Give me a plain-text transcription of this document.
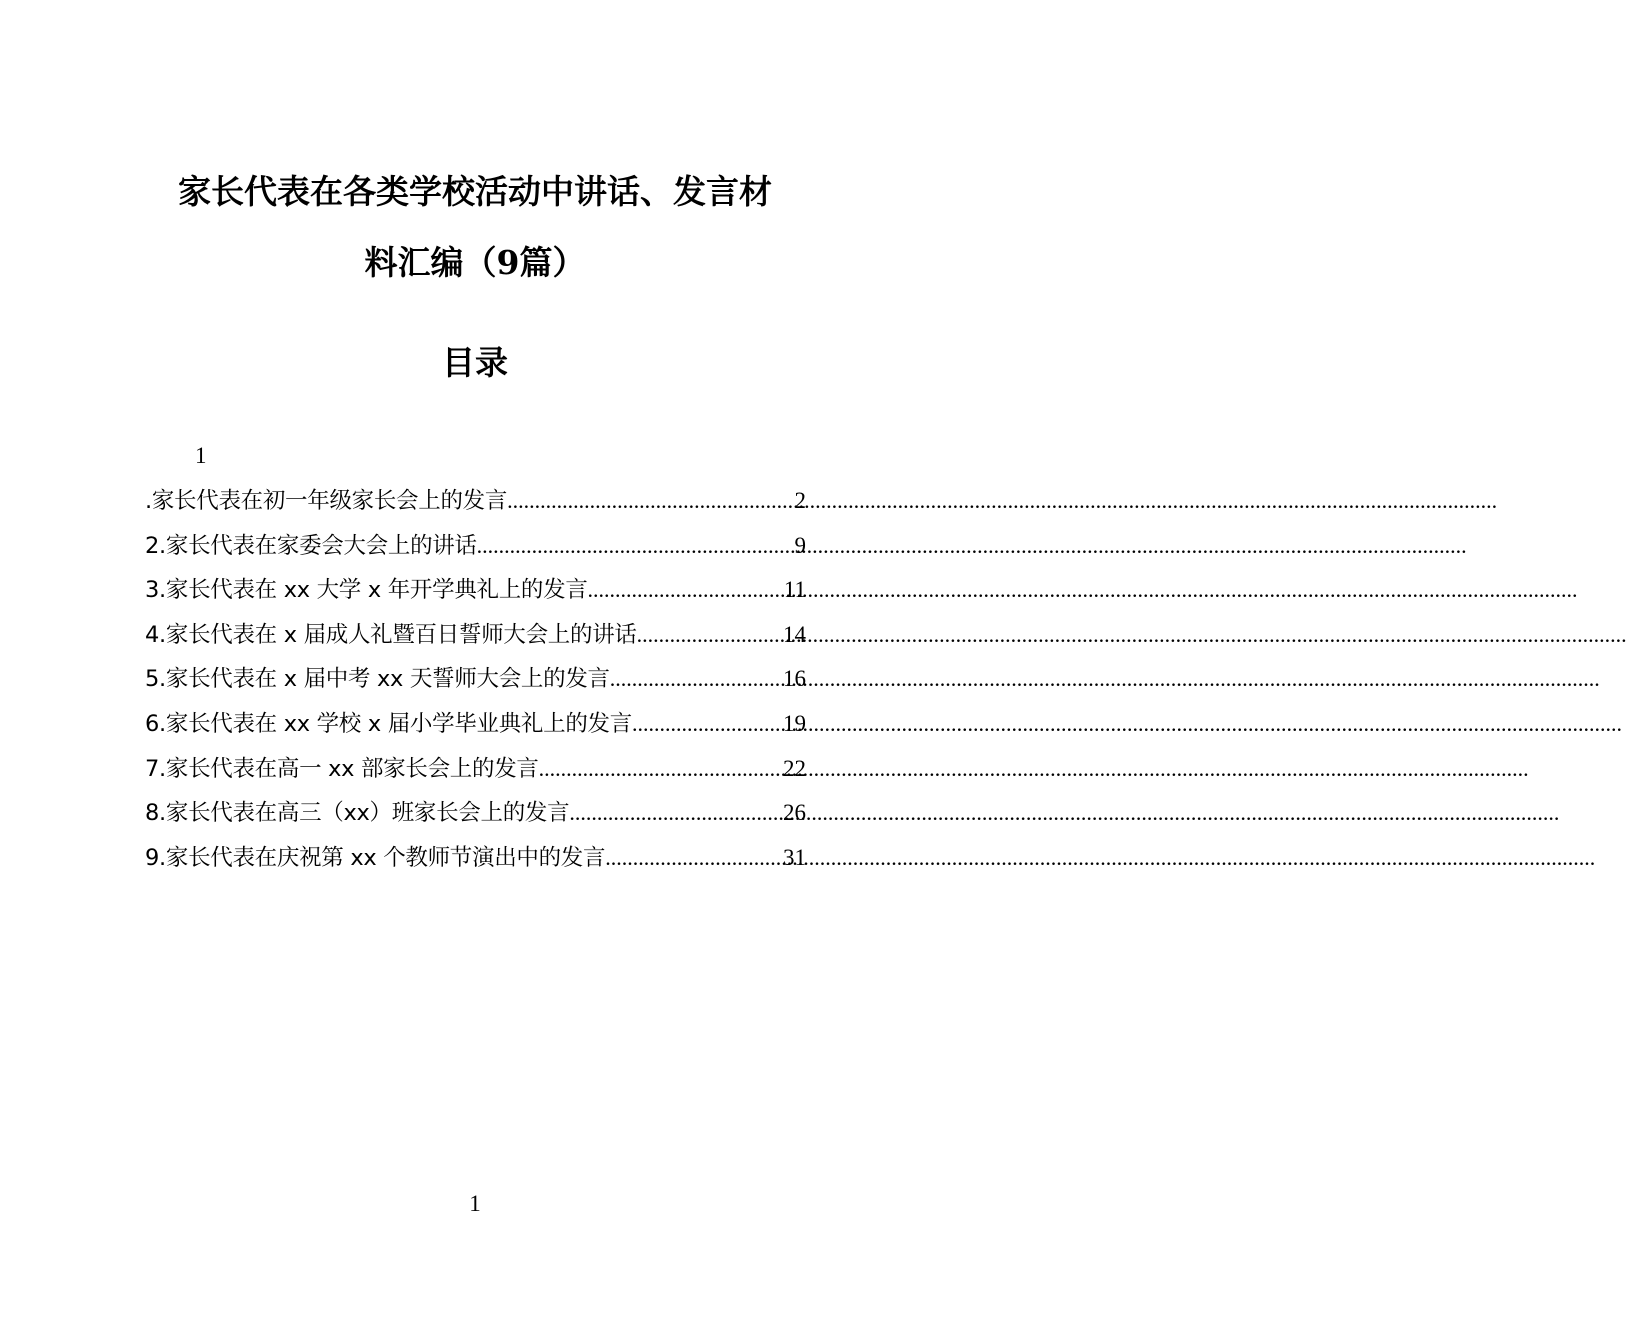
家长代表在各类学校活动中讲话、发言材
料汇编（9篇）
目录
1
.家长代表在初一年级家长会上的发言 .....	2
2.家长代表在家委会大会上的讲话 .....	9
3.家长代表在 xx 大学 x 年开学典礼上的发言 .....	11
4.家长代表在 x 届成人礼暨百日誓师大会上的讲话 .....	14
5.家长代表在 x 届中考 xx 天誓师大会上的发言 .....	16
6.家长代表在 xx 学校 x 届小学毕业典礼上的发言 .....	19
7.家长代表在高一 xx 部家长会上的发言 .....	22
8.家长代表在高三（xx）班家长会上的发言 .....	26
9.家长代表在庆祝第 xx 个教师节演出中的发言 .....	31
1
